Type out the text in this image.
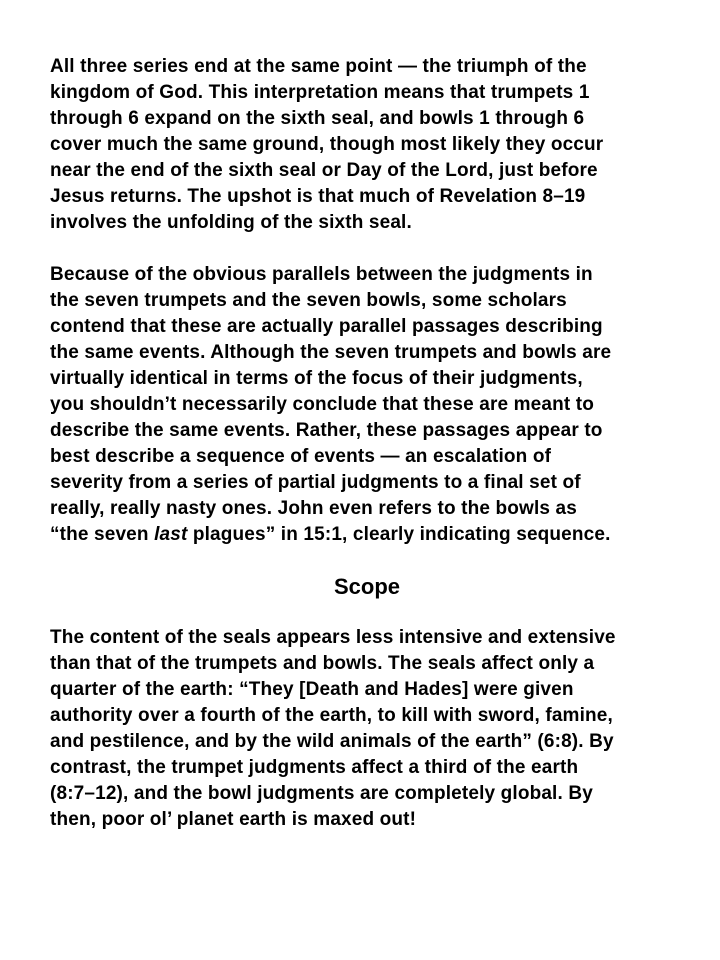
All three series end at the same point — the triumph of the
kingdom of God. This interpretation means that trumpets 1
through 6 expand on the sixth seal, and bowls 1 through 6
cover much the same ground, though most likely they occur
near the end of the sixth seal or Day of the Lord, just before
Jesus returns. The upshot is that much of Revelation 8–19
involves the unfolding of the sixth seal.

Because of the obvious parallels between the judgments in
the seven trumpets and the seven bowls, some scholars
contend that these are actually parallel passages describing
the same events. Although the seven trumpets and bowls are
virtually identical in terms of the focus of their judgments,
you shouldn’t necessarily conclude that these are meant to
describe the same events. Rather, these passages appear to
best describe a sequence of events — an escalation of
severity from a series of partial judgments to a final set of
really, really nasty ones. John even refers to the bowls as
“the seven last plagues” in 15:1, clearly indicating sequence.

Scope

The content of the seals appears less intensive and extensive
than that of the trumpets and bowls. The seals affect only a
quarter of the earth: “They [Death and Hades] were given
authority over a fourth of the earth, to kill with sword, famine,
and pestilence, and by the wild animals of the earth” (6:8). By
contrast, the trumpet judgments affect a third of the earth
(8:7–12), and the bowl judgments are completely global. By
then, poor ol’ planet earth is maxed out!
